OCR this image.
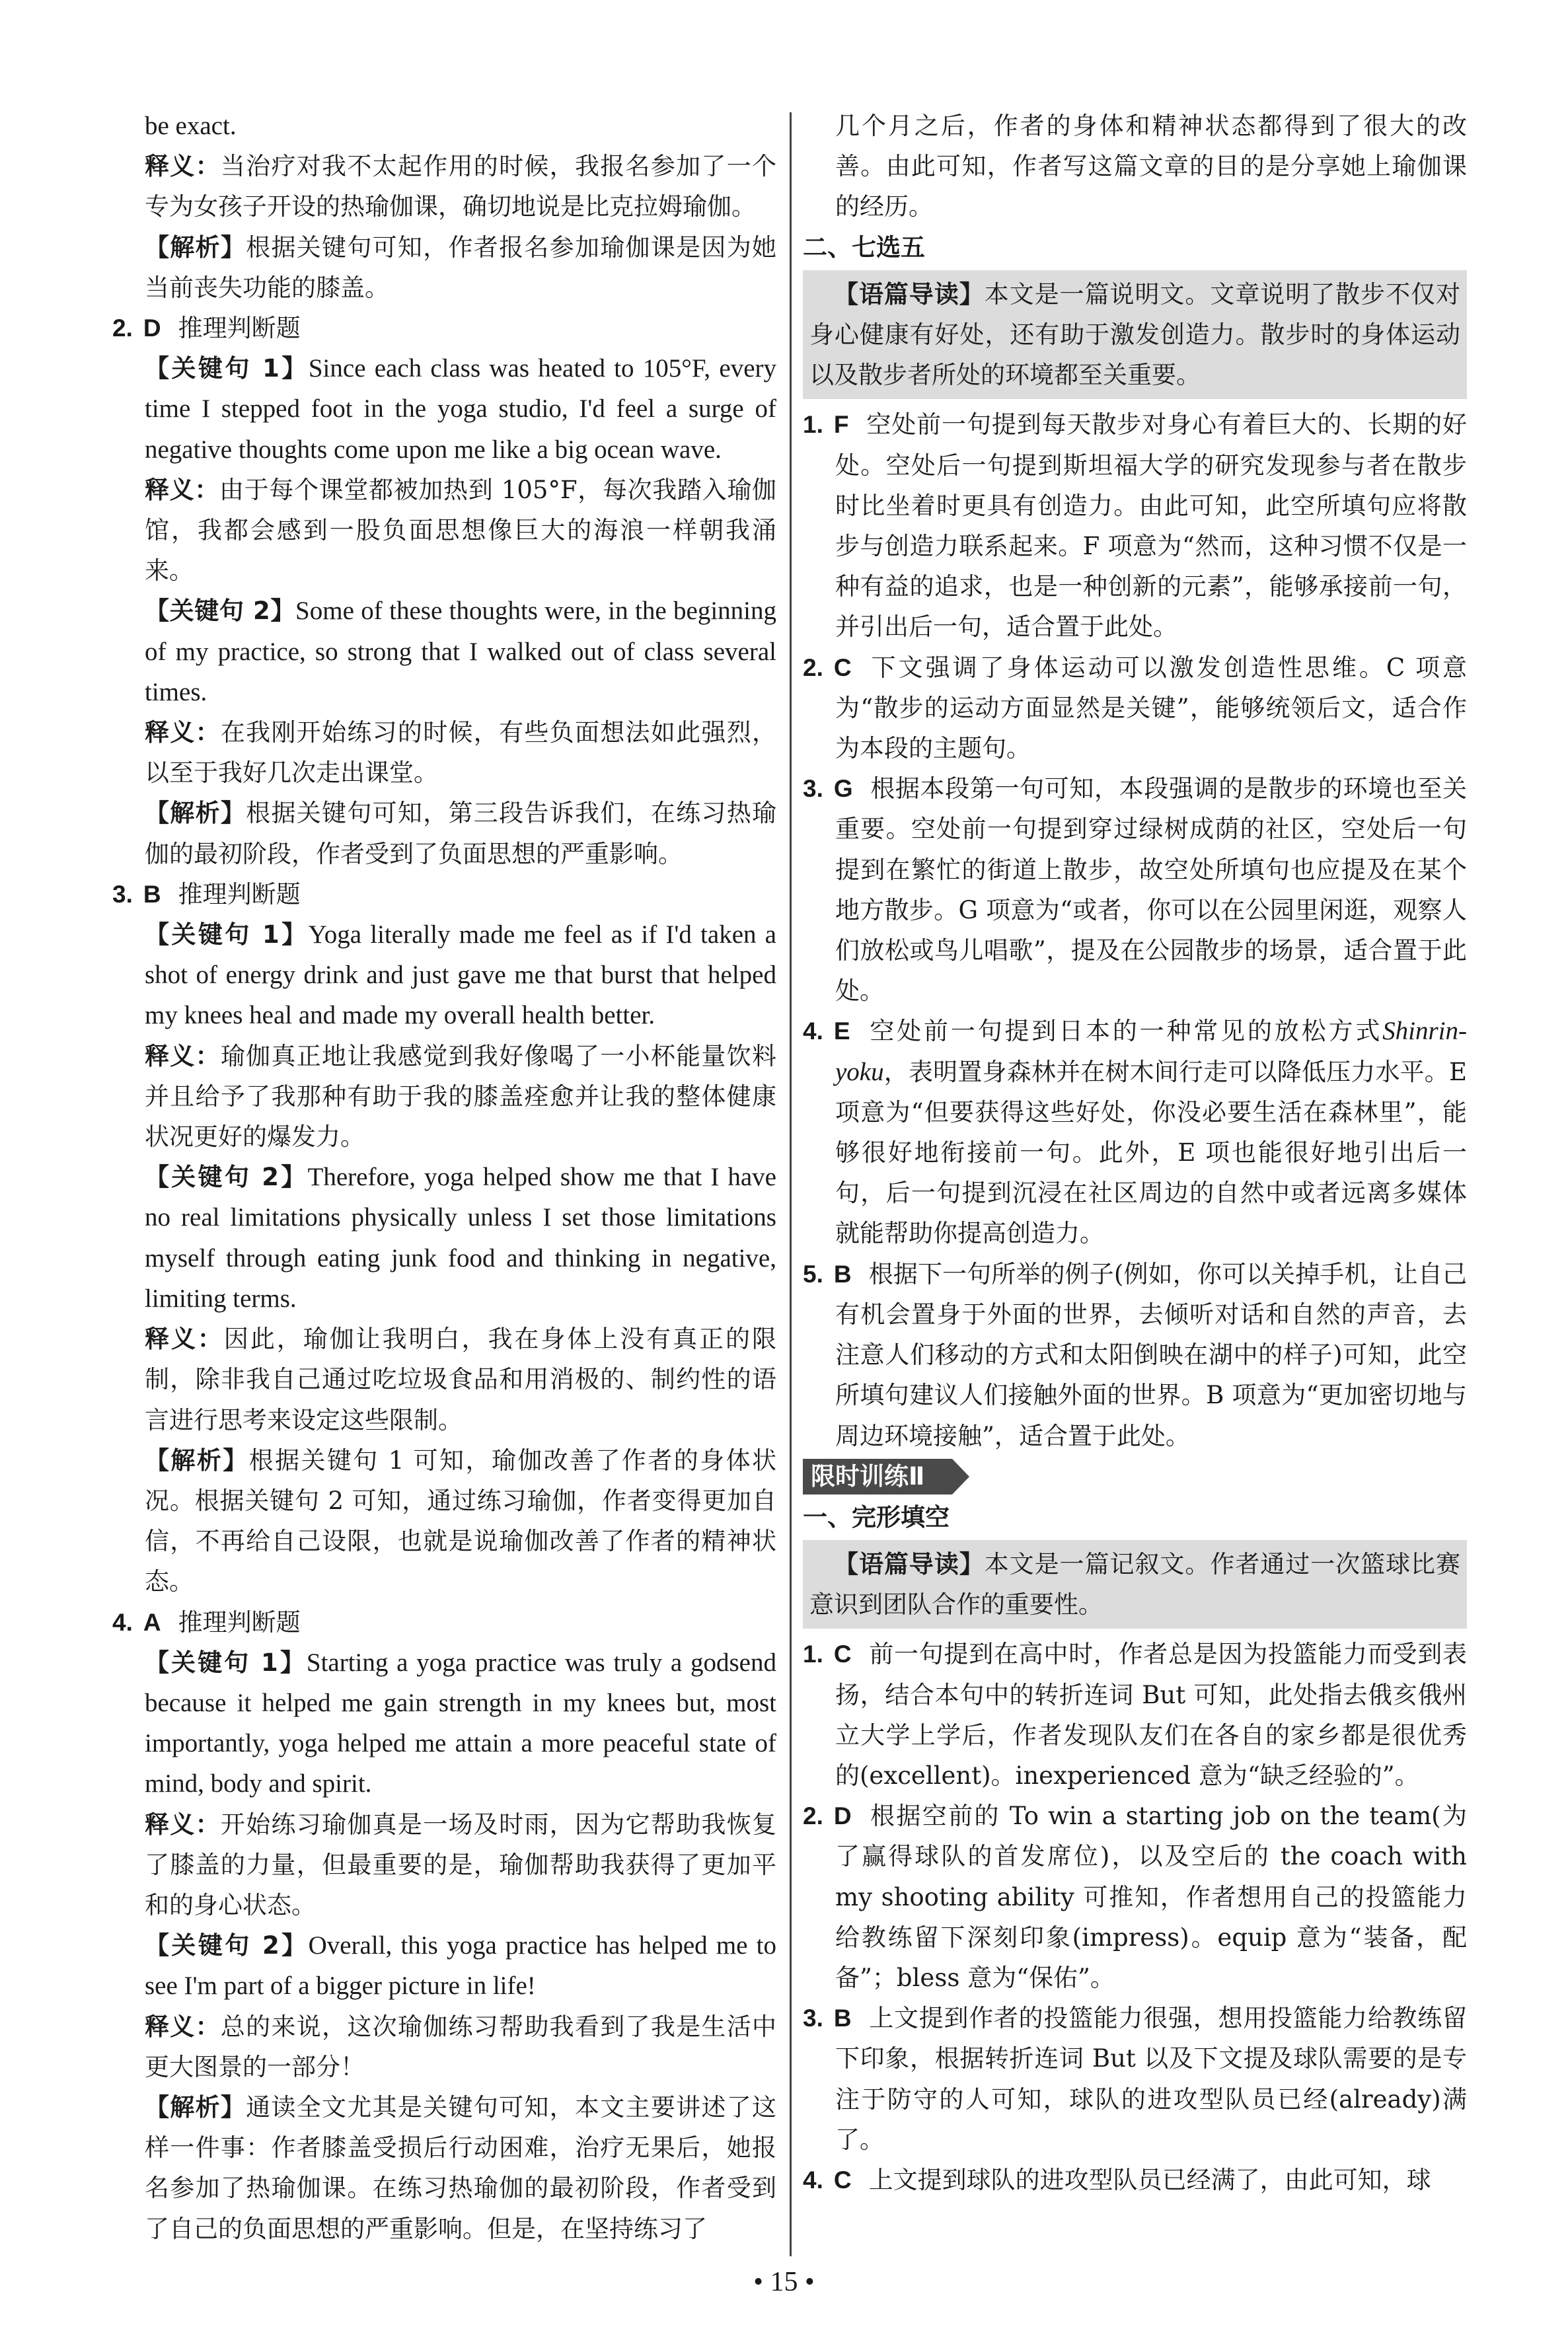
be exact.

释义：当治疗对我不太起作用的时候，我报名参加了一个专为女孩子开设的热瑜伽课，确切地说是比克拉姆瑜伽。

【解析】根据关键句可知，作者报名参加瑜伽课是因为她当前丧失功能的膝盖。

2. D 推理判断题

【关键句 1】Since each class was heated to 105°F, every time I stepped foot in the yoga studio, I'd feel a surge of negative thoughts come upon me like a big ocean wave.

释义：由于每个课堂都被加热到 105°F，每次我踏入瑜伽馆，我都会感到一股负面思想像巨大的海浪一样朝我涌来。

【关键句 2】Some of these thoughts were, in the beginning of my practice, so strong that I walked out of class several times.

释义：在我刚开始练习的时候，有些负面想法如此强烈，以至于我好几次走出课堂。

【解析】根据关键句可知，第三段告诉我们，在练习热瑜伽的最初阶段，作者受到了负面思想的严重影响。

3. B 推理判断题

【关键句 1】Yoga literally made me feel as if I'd taken a shot of energy drink and just gave me that burst that helped my knees heal and made my overall health better.

释义：瑜伽真正地让我感觉到我好像喝了一小杯能量饮料并且给予了我那种有助于我的膝盖痊愈并让我的整体健康状况更好的爆发力。

【关键句 2】Therefore, yoga helped show me that I have no real limitations physically unless I set those limitations myself through eating junk food and thinking in negative, limiting terms.

释义：因此，瑜伽让我明白，我在身体上没有真正的限制，除非我自己通过吃垃圾食品和用消极的、制约性的语言进行思考来设定这些限制。

【解析】根据关键句 1 可知，瑜伽改善了作者的身体状况。根据关键句 2 可知，通过练习瑜伽，作者变得更加自信，不再给自己设限，也就是说瑜伽改善了作者的精神状态。

4. A 推理判断题

【关键句 1】Starting a yoga practice was truly a godsend because it helped me gain strength in my knees but, most importantly, yoga helped me attain a more peaceful state of mind, body and spirit.

释义：开始练习瑜伽真是一场及时雨，因为它帮助我恢复了膝盖的力量，但最重要的是，瑜伽帮助我获得了更加平和的身心状态。

【关键句 2】Overall, this yoga practice has helped me to see I'm part of a bigger picture in life!

释义：总的来说，这次瑜伽练习帮助我看到了我是生活中更大图景的一部分！

【解析】通读全文尤其是关键句可知，本文主要讲述了这样一件事：作者膝盖受损后行动困难，治疗无果后，她报名参加了热瑜伽课。在练习热瑜伽的最初阶段，作者受到了自己的负面思想的严重影响。但是，在坚持练习了

几个月之后，作者的身体和精神状态都得到了很大的改善。由此可知，作者写这篇文章的目的是分享她上瑜伽课的经历。

二、七选五

【语篇导读】本文是一篇说明文。文章说明了散步不仅对身心健康有好处，还有助于激发创造力。散步时的身体运动以及散步者所处的环境都至关重要。

1. F 空处前一句提到每天散步对身心有着巨大的、长期的好处。空处后一句提到斯坦福大学的研究发现参与者在散步时比坐着时更具有创造力。由此可知，此空所填句应将散步与创造力联系起来。F 项意为“然而，这种习惯不仅是一种有益的追求，也是一种创新的元素”，能够承接前一句，并引出后一句，适合置于此处。

2. C 下文强调了身体运动可以激发创造性思维。C 项意为“散步的运动方面显然是关键”，能够统领后文，适合作为本段的主题句。

3. G 根据本段第一句可知，本段强调的是散步的环境也至关重要。空处前一句提到穿过绿树成荫的社区，空处后一句提到在繁忙的街道上散步，故空处所填句也应提及在某个地方散步。G 项意为“或者，你可以在公园里闲逛，观察人们放松或鸟儿唱歌”，提及在公园散步的场景，适合置于此处。

4. E 空处前一句提到日本的一种常见的放松方式Shinrin-yoku，表明置身森林并在树木间行走可以降低压力水平。E 项意为“但要获得这些好处，你没必要生活在森林里”，能够很好地衔接前一句。此外，E 项也能很好地引出后一句，后一句提到沉浸在社区周边的自然中或者远离多媒体就能帮助你提高创造力。

5. B 根据下一句所举的例子(例如，你可以关掉手机，让自己有机会置身于外面的世界，去倾听对话和自然的声音，去注意人们移动的方式和太阳倒映在湖中的样子)可知，此空所填句建议人们接触外面的世界。B 项意为“更加密切地与周边环境接触”，适合置于此处。

限时训练Ⅱ

一、完形填空

【语篇导读】本文是一篇记叙文。作者通过一次篮球比赛意识到团队合作的重要性。

1. C 前一句提到在高中时，作者总是因为投篮能力而受到表扬，结合本句中的转折连词 But 可知，此处指去俄亥俄州立大学上学后，作者发现队友们在各自的家乡都是很优秀的(excellent)。inexperienced 意为“缺乏经验的”。

2. D 根据空前的 To win a starting job on the team(为了赢得球队的首发席位)，以及空后的 the coach with my shooting ability 可推知，作者想用自己的投篮能力给教练留下深刻印象(impress)。equip 意为“装备，配备”；bless 意为“保佑”。

3. B 上文提到作者的投篮能力很强，想用投篮能力给教练留下印象，根据转折连词 But 以及下文提及球队需要的是专注于防守的人可知，球队的进攻型队员已经(already)满了。

4. C 上文提到球队的进攻型队员已经满了，由此可知，球

• 15 •
